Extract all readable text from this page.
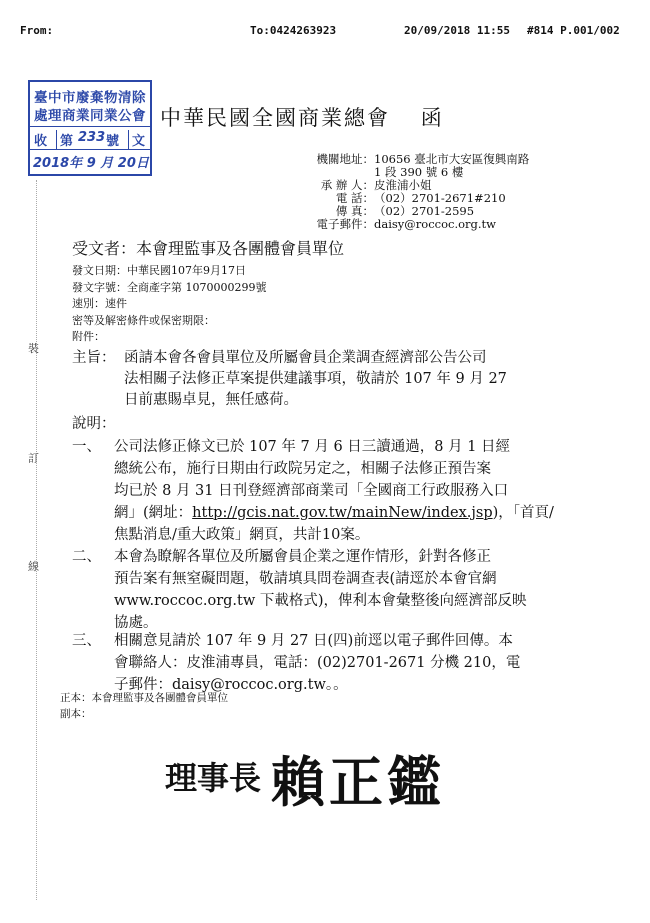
From:	To:0424263923	20/09/2018 11:55 #814 P.001/002
臺中市廢棄物清除
處理商業同業公會
收 第 233 號 文
2018年 9 月 20日
中華民國全國商業總會 函
機關地址：10656 臺北市大安區復興南路
1 段 390 號 6 樓
承 辦 人：皮淮浦小姐
電 話：（02）2701-2671#210
傳 真：（02）2701-2595
電子郵件：daisy@roccoc.org.tw
受文者：本會理監事及各團體會員單位
發文日期：中華民國107年9月17日
發文字號：全商產字第 1070000299號
速別：速件
密等及解密條件或保密期限：
附件：
裝
訂
線
主旨： 函請本會各會員單位及所屬會員企業調查經濟部公告公司
法相關子法修正草案提供建議事項，敬請於 107 年 9 月 27
日前惠賜卓見，無任感荷。
說明：
一、 公司法修正條文已於 107 年 7 月 6 日三讀通過，8 月 1 日經
總統公布，施行日期由行政院另定之，相關子法修正預告案
均已於 8 月 31 日刊登經濟部商業司「全國商工行政服務入口
網」(網址：http://gcis.nat.gov.tw/mainNew/index.jsp)，「首頁/
焦點消息/重大政策」網頁，共計10案。
二、 本會為瞭解各單位及所屬會員企業之運作情形，針對各修正
預告案有無窒礙問題，敬請填具問卷調查表(請逕於本會官網
www.roccoc.org.tw 下載格式)，俾利本會彙整後向經濟部反映
協處。
三、 相關意見請於 107 年 9 月 27 日(四)前逕以電子郵件回傳。本
會聯絡人：皮淮浦專員，電話：(02)2701-2671 分機 210，電
子郵件：daisy@roccoc.org.tw。。
正本：本會理監事及各團體會員單位
副本：
$^{理事長}$ 賴正鑑
